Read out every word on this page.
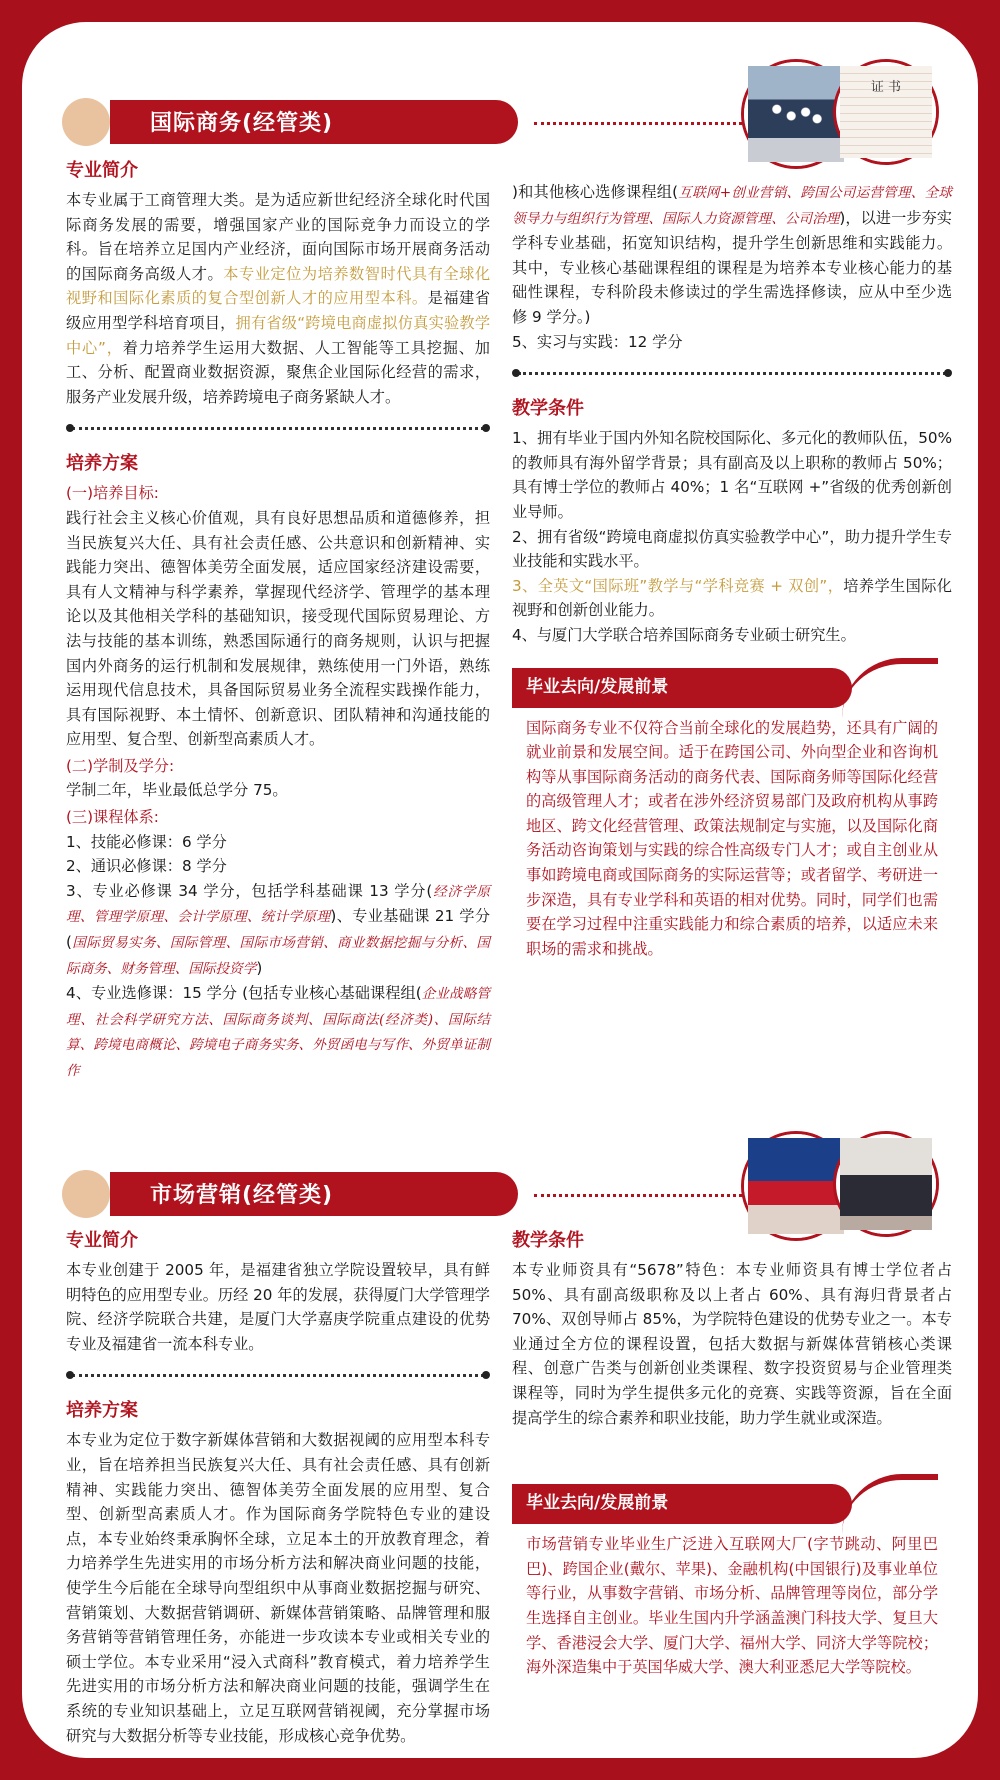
国际商务(经管类)
证 书
专业简介
本专业属于工商管理大类。是为适应新世纪经济全球化时代国际商务发展的需要，增强国家产业的国际竞争力而设立的学科。旨在培养立足国内产业经济，面向国际市场开展商务活动的国际商务高级人才。本专业定位为培养数智时代具有全球化视野和国际化素质的复合型创新人才的应用型本科。是福建省级应用型学科培育项目，拥有省级“跨境电商虚拟仿真实验教学中心”，着力培养学生运用大数据、人工智能等工具挖掘、加工、分析、配置商业数据资源，聚焦企业国际化经营的需求，服务产业发展升级，培养跨境电子商务紧缺人才。
培养方案
(一)培养目标:
践行社会主义核心价值观，具有良好思想品质和道德修养，担当民族复兴大任、具有社会责任感、公共意识和创新精神、实践能力突出、德智体美劳全面发展，适应国家经济建设需要，具有人文精神与科学素养，掌握现代经济学、管理学的基本理论以及其他相关学科的基础知识，接受现代国际贸易理论、方法与技能的基本训练，熟悉国际通行的商务规则，认识与把握国内外商务的运行机制和发展规律，熟练使用一门外语，熟练运用现代信息技术，具备国际贸易业务全流程实践操作能力，具有国际视野、本土情怀、创新意识、团队精神和沟通技能的应用型、复合型、创新型高素质人才。
(二)学制及学分:
学制二年，毕业最低总学分 75。
(三)课程体系:
1、技能必修课：6 学分
2、通识必修课：8 学分
3、专业必修课 34 学分，包括学科基础课 13 学分(经济学原理、管理学原理、会计学原理、统计学原理)、专业基础课 21 学分(国际贸易实务、国际管理、国际市场营销、商业数据挖掘与分析、国际商务、财务管理、国际投资学)
4、专业选修课：15 学分 (包括专业核心基础课程组(企业战略管理、社会科学研究方法、国际商务谈判、国际商法(经济类)、国际结算、跨境电商概论、跨境电子商务实务、外贸函电与写作、外贸单证制作
)和其他核心选修课程组(互联网+创业营销、跨国公司运营管理、全球领导力与组织行为管理、国际人力资源管理、公司治理)，以进一步夯实学科专业基础，拓宽知识结构，提升学生创新思维和实践能力。其中，专业核心基础课程组的课程是为培养本专业核心能力的基础性课程，专科阶段未修读过的学生需选择修读，应从中至少选修 9 学分。)
5、实习与实践：12 学分
教学条件
1、拥有毕业于国内外知名院校国际化、多元化的教师队伍，50% 的教师具有海外留学背景；具有副高及以上职称的教师占 50%；具有博士学位的教师占 40%；1 名“互联网 +”省级的优秀创新创业导师。
2、拥有省级“跨境电商虚拟仿真实验教学中心”，助力提升学生专业技能和实践水平。
3、全英文“国际班”教学与“学科竞赛 + 双创”，培养学生国际化视野和创新创业能力。
4、与厦门大学联合培养国际商务专业硕士研究生。
毕业去向/发展前景
国际商务专业不仅符合当前全球化的发展趋势，还具有广阔的就业前景和发展空间。适于在跨国公司、外向型企业和咨询机构等从事国际商务活动的商务代表、国际商务师等国际化经营的高级管理人才；或者在涉外经济贸易部门及政府机构从事跨地区、跨文化经营管理、政策法规制定与实施，以及国际化商务活动咨询策划与实践的综合性高级专门人才；或自主创业从事如跨境电商或国际商务的实际运营等；或者留学、考研进一步深造，具有专业学科和英语的相对优势。同时，同学们也需要在学习过程中注重实践能力和综合素质的培养，以适应未来职场的需求和挑战。
市场营销(经管类)
专业简介
本专业创建于 2005 年，是福建省独立学院设置较早，具有鲜明特色的应用型专业。历经 20 年的发展，获得厦门大学管理学院、经济学院联合共建，是厦门大学嘉庚学院重点建设的优势专业及福建省一流本科专业。
培养方案
本专业为定位于数字新媒体营销和大数据视阈的应用型本科专业，旨在培养担当民族复兴大任、具有社会责任感、具有创新精神、实践能力突出、德智体美劳全面发展的应用型、复合型、创新型高素质人才。作为国际商务学院特色专业的建设点，本专业始终秉承胸怀全球，立足本土的开放教育理念，着力培养学生先进实用的市场分析方法和解决商业问题的技能，使学生今后能在全球导向型组织中从事商业数据挖掘与研究、营销策划、大数据营销调研、新媒体营销策略、品牌管理和服务营销等营销管理任务，亦能进一步攻读本专业或相关专业的硕士学位。本专业采用“浸入式商科”教育模式，着力培养学生先进实用的市场分析方法和解决商业问题的技能，强调学生在系统的专业知识基础上，立足互联网营销视阈，充分掌握市场研究与大数据分析等专业技能，形成核心竞争优势。
教学条件
本专业师资具有“5678”特色：本专业师资具有博士学位者占 50%、具有副高级职称及以上者占 60%、具有海归背景者占 70%、双创导师占 85%，为学院特色建设的优势专业之一。本专业通过全方位的课程设置，包括大数据与新媒体营销核心类课程、创意广告类与创新创业类课程、数字投资贸易与企业管理类课程等，同时为学生提供多元化的竞赛、实践等资源，旨在全面提高学生的综合素养和职业技能，助力学生就业或深造。
毕业去向/发展前景
市场营销专业毕业生广泛进入互联网大厂(字节跳动、阿里巴巴)、跨国企业(戴尔、苹果)、金融机构(中国银行)及事业单位等行业，从事数字营销、市场分析、品牌管理等岗位，部分学生选择自主创业。毕业生国内升学涵盖澳门科技大学、复旦大学、香港浸会大学、厦门大学、福州大学、同济大学等院校；海外深造集中于英国华威大学、澳大利亚悉尼大学等院校。
